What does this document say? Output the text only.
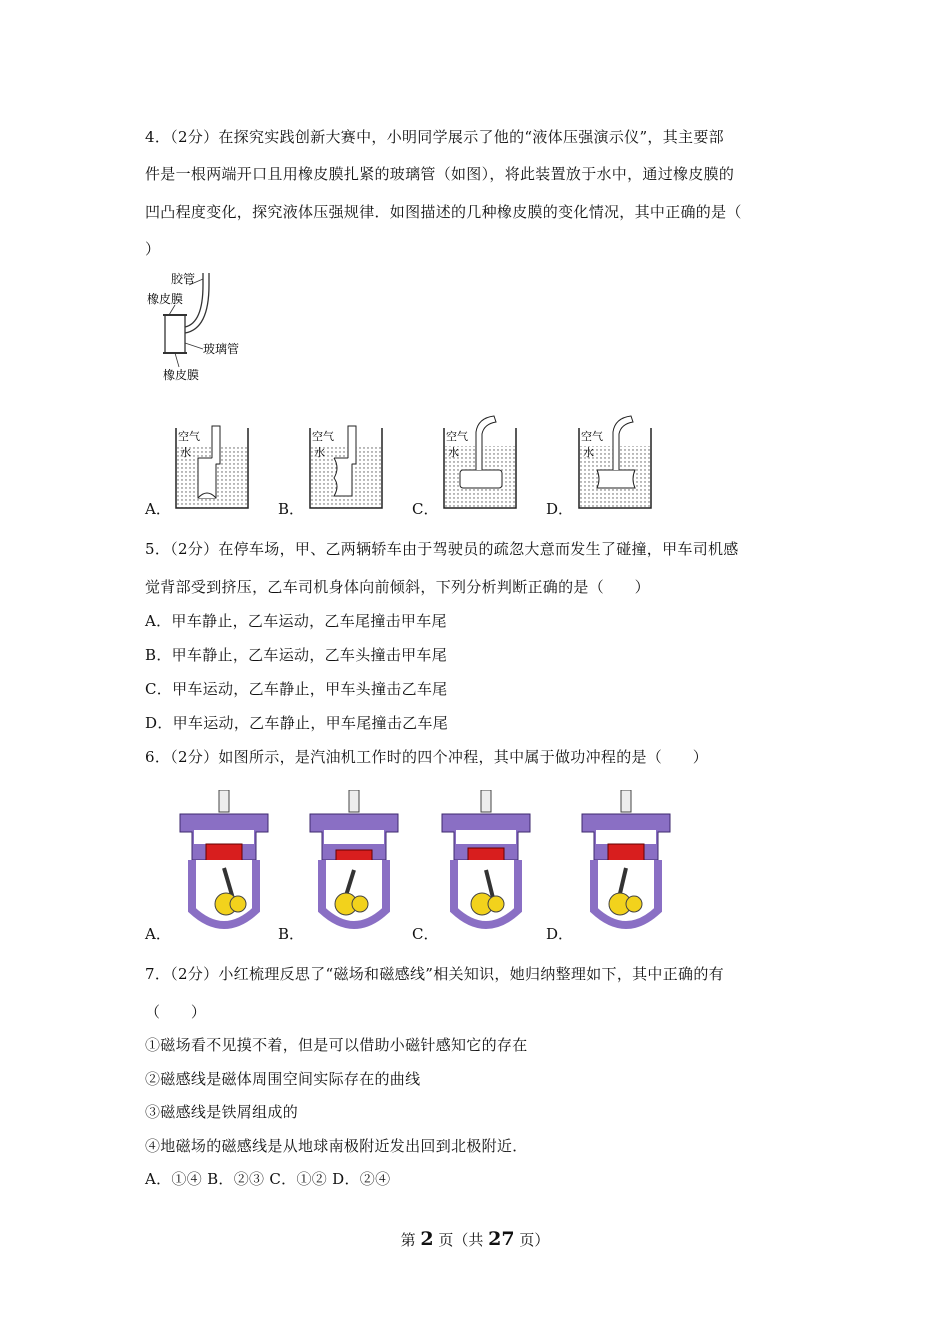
4．（2分）在探究实践创新大赛中，小明同学展示了他的“液体压强演示仪”，其主要部
件是一根两端开口且用橡皮膜扎紧的玻璃管（如图），将此装置放于水中，通过橡皮膜的
凹凸程度变化，探究液体压强规律．如图描述的几种橡皮膜的变化情况，其中正确的是（
）
胶管
橡皮膜
玻璃管
橡皮膜
空气
水
空气
水
空气
水
空气
水
A．	B．	C．	D．
5．（2分）在停车场，甲、乙两辆轿车由于驾驶员的疏忽大意而发生了碰撞，甲车司机感
觉背部受到挤压，乙车司机身体向前倾斜，下列分析判断正确的是（　　）
A．甲车静止，乙车运动，乙车尾撞击甲车尾
B．甲车静止，乙车运动，乙车头撞击甲车尾
C．甲车运动，乙车静止，甲车头撞击乙车尾
D．甲车运动，乙车静止，甲车尾撞击乙车尾
6．（2分）如图所示，是汽油机工作时的四个冲程，其中属于做功冲程的是（　　）
A．	B．	C．	D．
7．（2分）小红梳理反思了“磁场和磁感线”相关知识，她归纳整理如下，其中正确的有
（　　）
①磁场看不见摸不着，但是可以借助小磁针感知它的存在
②磁感线是磁体周围空间实际存在的曲线
③磁感线是铁屑组成的
④地磁场的磁感线是从地球南极附近发出回到北极附近．
A．①④ B．②③ C．①② D．②④
第 2 页（共 27 页）
